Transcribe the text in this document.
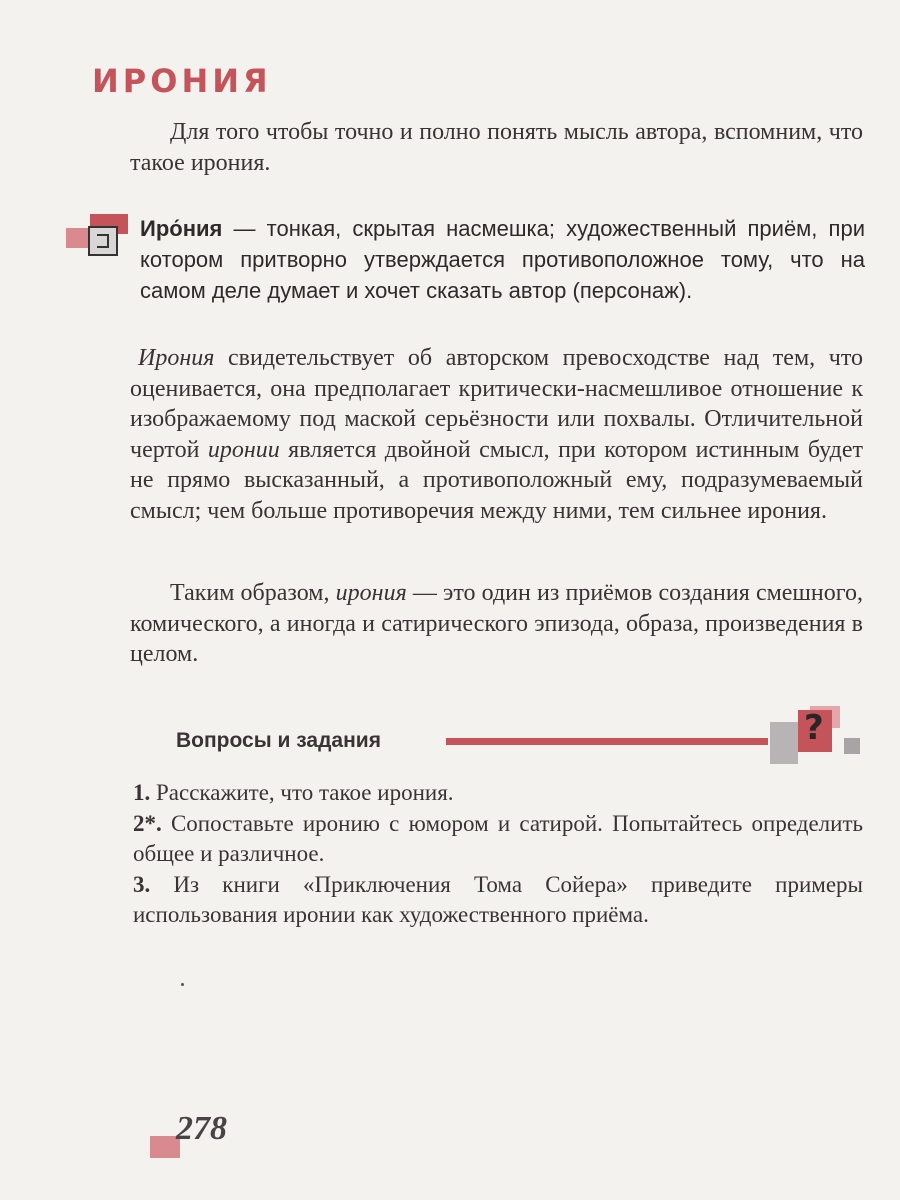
ИРОНИЯ
Для того чтобы точно и полно понять мысль автора, вспомним, что такое ирония.
Иро́ния — тонкая, скрытая насмешка; художественный приём, при котором притворно утверждается противоположное тому, что на самом деле думает и хочет сказать автор (персонаж).
Ирония свидетельствует об авторском превосходстве над тем, что оценивается, она предполагает критически-насмешливое отношение к изображаемому под маской серьёзности или похвалы. Отличительной чертой иронии является двойной смысл, при котором истинным будет не прямо высказанный, а противоположный ему, подразумеваемый смысл; чем больше противоречия между ними, тем сильнее ирония.
Таким образом, ирония — это один из приёмов создания смешного, комического, а иногда и сатирического эпизода, образа, произведения в целом.
Вопросы и задания	?
1. Расскажите, что такое ирония.
2*. Сопоставьте иронию с юмором и сатирой. Попытайтесь определить общее и различное.
3. Из книги «Приключения Тома Сойера» приведите примеры использования иронии как художественного приёма.
278
